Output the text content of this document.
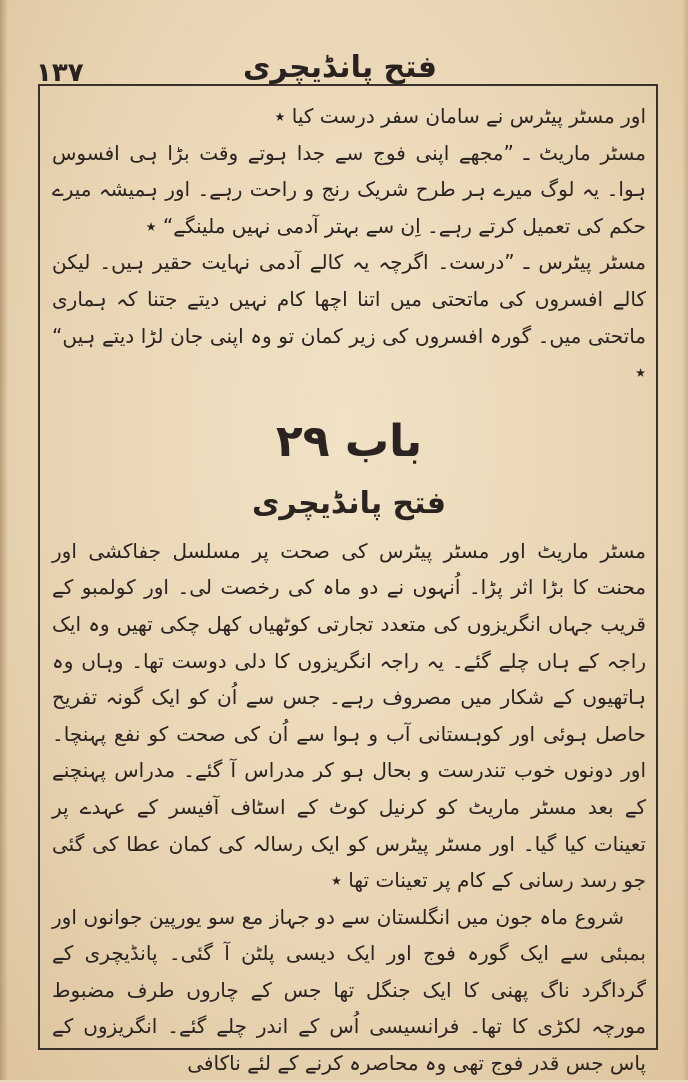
۱۳۷	فتح پانڈیچری

اور مسٹر پیٹرس نے سامان سفر درست کیا ٭

مسٹر ماریٹ ـ ”مجھے اپنی فوج سے جدا ہوتے وقت بڑا ہی افسوس ہوا۔ یہ لوگ میرے ہر طرح شریک رنج و راحت رہے۔ اور ہمیشہ میرے حکم کی تعمیل کرتے رہے۔ اِن سے بہتر آدمی نہیں ملینگے“ ٭

مسٹر پیٹرس ـ ”درست۔ اگرچہ یہ کالے آدمی نہایت حقیر ہیں۔ لیکن کالے افسروں کی ماتحتی میں اتنا اچھا کام نہیں دیتے جتنا کہ ہماری ماتحتی میں۔ گورہ افسروں کی زیر کمان تو وہ اپنی جان لڑا دیتے ہیں“ ٭

باب ۲۹
فتح پانڈیچری

مسٹر ماریٹ اور مسٹر پیٹرس کی صحت پر مسلسل جفاکشی اور محنت کا بڑا اثر پڑا۔ اُنہوں نے دو ماہ کی رخصت لی۔ اور کولمبو کے قریب جہاں انگریزوں کی متعدد تجارتی کوٹھیاں کھل چکی تھیں وہ ایک راجہ کے ہاں چلے گئے۔ یہ راجہ انگریزوں کا دلی دوست تھا۔ وہاں وہ ہاتھیوں کے شکار میں مصروف رہے۔ جس سے اُن کو ایک گونہ تفریح حاصل ہوئی اور کوہستانی آب و ہوا سے اُن کی صحت کو نفع پہنچا۔ اور دونوں خوب تندرست و بحال ہو کر مدراس آ گئے۔ مدراس پہنچنے کے بعد مسٹر ماریٹ کو کرنیل کوٹ کے اسٹاف آفیسر کے عہدے پر تعینات کیا گیا۔ اور مسٹر پیٹرس کو ایک رسالہ کی کمان عطا کی گئی جو رسد رسانی کے کام پر تعینات تھا ٭

شروع ماہ جون میں انگلستان سے دو جہاز مع سو یورپین جوانوں اور بمبئی سے ایک گورہ فوج اور ایک دیسی پلٹن آ گئی۔ پانڈیچری کے گرداگرد ناگ پھنی کا ایک جنگل تھا جس کے چاروں طرف مضبوط مورچہ لکڑی کا تھا۔ فرانسیسی اُس کے اندر چلے گئے۔ انگریزوں کے پاس جس قدر فوج تھی وہ محاصرہ کرنے کے لئے ناکافی
